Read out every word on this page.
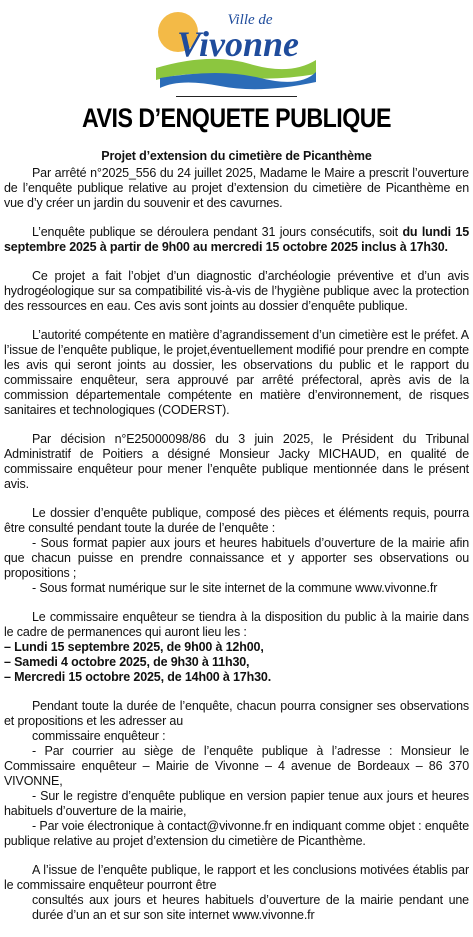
Ville de
Vivonne
AVIS D’ENQUETE PUBLIQUE
Projet d’extension du cimetière de Picanthème

Par arrêté n°2025_556 du 24 juillet 2025, Madame le Maire a prescrit l’ouverture de l’enquête publique relative au projet d’extension du cimetière de Picanthème en vue d’y créer un jardin du souvenir et des cavurnes.

L’enquête publique se déroulera pendant 31 jours consécutifs, soit du lundi 15 septembre 2025 à partir de 9h00 au mercredi 15 octobre 2025 inclus à 17h30.

Ce projet a fait l’objet d’un diagnostic d’archéologie préventive et d’un avis hydrogéologique sur sa compatibilité vis-à-vis de l’hygiène publique avec la protection des ressources en eau. Ces avis sont joints au dossier d’enquête publique.

L’autorité compétente en matière d’agrandissement d’un cimetière est le préfet. A l’issue de l’enquête publique, le projet,éventuellement modifié pour prendre en compte les avis qui seront joints au dossier, les observations du public et le rapport du commissaire enquêteur, sera approuvé par arrêté préfectoral, après avis de la commission départementale compétente en matière d’environnement, de risques sanitaires et technologiques (CODERST).

Par décision n°E25000098/86 du 3 juin 2025, le Président du Tribunal Administratif de Poitiers a désigné Monsieur Jacky MICHAUD, en qualité de commissaire enquêteur pour mener l’enquête publique mentionnée dans le présent avis.

Le dossier d’enquête publique, composé des pièces et éléments requis, pourra être consulté pendant toute la durée de l’enquête :
- Sous format papier aux jours et heures habituels d’ouverture de la mairie afin que chacun puisse en prendre connaissance et y apporter ses observations ou propositions ;
- Sous format numérique sur le site internet de la commune www.vivonne.fr

Le commissaire enquêteur se tiendra à la disposition du public à la mairie dans le cadre de permanences qui auront lieu les :
– Lundi 15 septembre 2025, de 9h00 à 12h00,
– Samedi 4 octobre 2025, de 9h30 à 11h30,
– Mercredi 15 octobre 2025, de 14h00 à 17h30.

Pendant toute la durée de l’enquête, chacun pourra consigner ses observations et propositions et les adresser au
commissaire enquêteur :
- Par courrier au siège de l’enquête publique à l’adresse : Monsieur le Commissaire enquêteur – Mairie de Vivonne – 4 avenue de Bordeaux – 86 370 VIVONNE,
- Sur le registre d’enquête publique en version papier tenue aux jours et heures habituels d’ouverture de la mairie,
- Par voie électronique à contact@vivonne.fr en indiquant comme objet : enquête publique relative au projet d’extension du cimetière de Picanthème.

A l’issue de l’enquête publique, le rapport et les conclusions motivées établis par le commissaire enquêteur pourront être
consultés aux jours et heures habituels d’ouverture de la mairie pendant une durée d’un an et sur son site internet www.vivonne.fr
